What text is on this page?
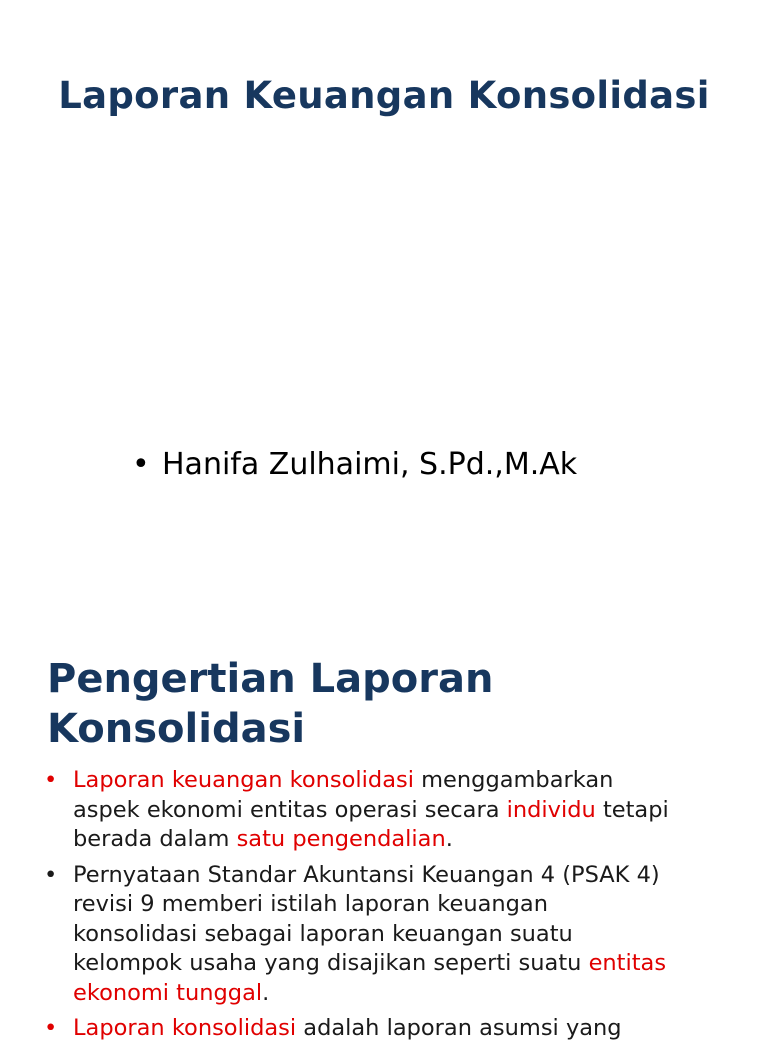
Laporan Keuangan Konsolidasi
• Hanifa Zulhaimi, S.Pd.,M.Ak
Pengertian Laporan
Konsolidasi
• Laporan keuangan konsolidasi menggambarkan
aspek ekonomi entitas operasi secara individu tetapi
berada dalam satu pengendalian.
• Pernyataan Standar Akuntansi Keuangan 4 (PSAK 4)
revisi 9 memberi istilah laporan keuangan
konsolidasi sebagai laporan keuangan suatu
kelompok usaha yang disajikan seperti suatu entitas
ekonomi tunggal.
• Laporan konsolidasi adalah laporan asumsi yang
